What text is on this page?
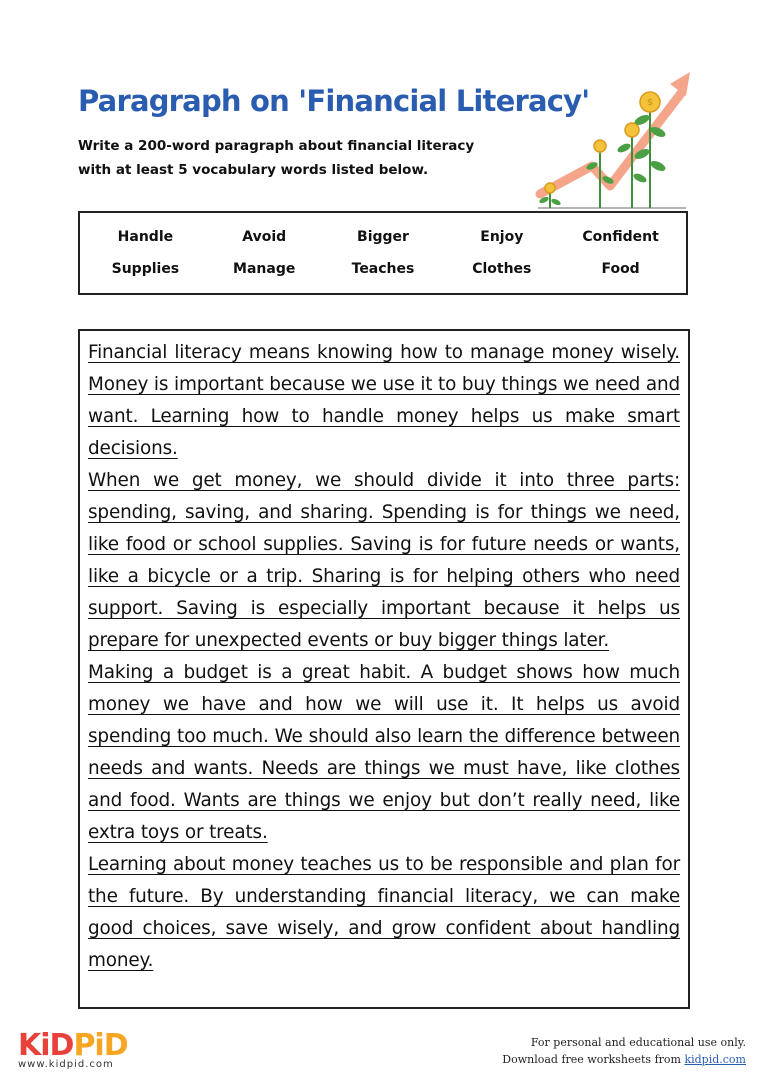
Paragraph on 'Financial Literacy'

Write a 200-word paragraph about financial literacy
with at least 5 vocabulary words listed below.

$
Handle	Avoid	Bigger	Enjoy	Confident
Supplies	Manage	Teaches	Clothes	Food

Financial literacy means knowing how to manage money wisely. Money is important because we use it to buy things we need and want. Learning how to handle money helps us make smart decisions.

When we get money, we should divide it into three parts: spending, saving, and sharing. Spending is for things we need, like food or school supplies. Saving is for future needs or wants, like a bicycle or a trip. Sharing is for helping others who need support. Saving is especially important because it helps us prepare for unexpected events or buy bigger things later.

Making a budget is a great habit. A budget shows how much money we have and how we will use it. It helps us avoid spending too much. We should also learn the difference between needs and wants. Needs are things we must have, like clothes and food. Wants are things we enjoy but don’t really need, like extra toys or treats.

Learning about money teaches us to be responsible and plan for the future. By understanding financial literacy, we can make good choices, save wisely, and grow confident about handling money.

KiD PiD
www.kidpid.com
For personal and educational use only.
Download free worksheets from kidpid.com
